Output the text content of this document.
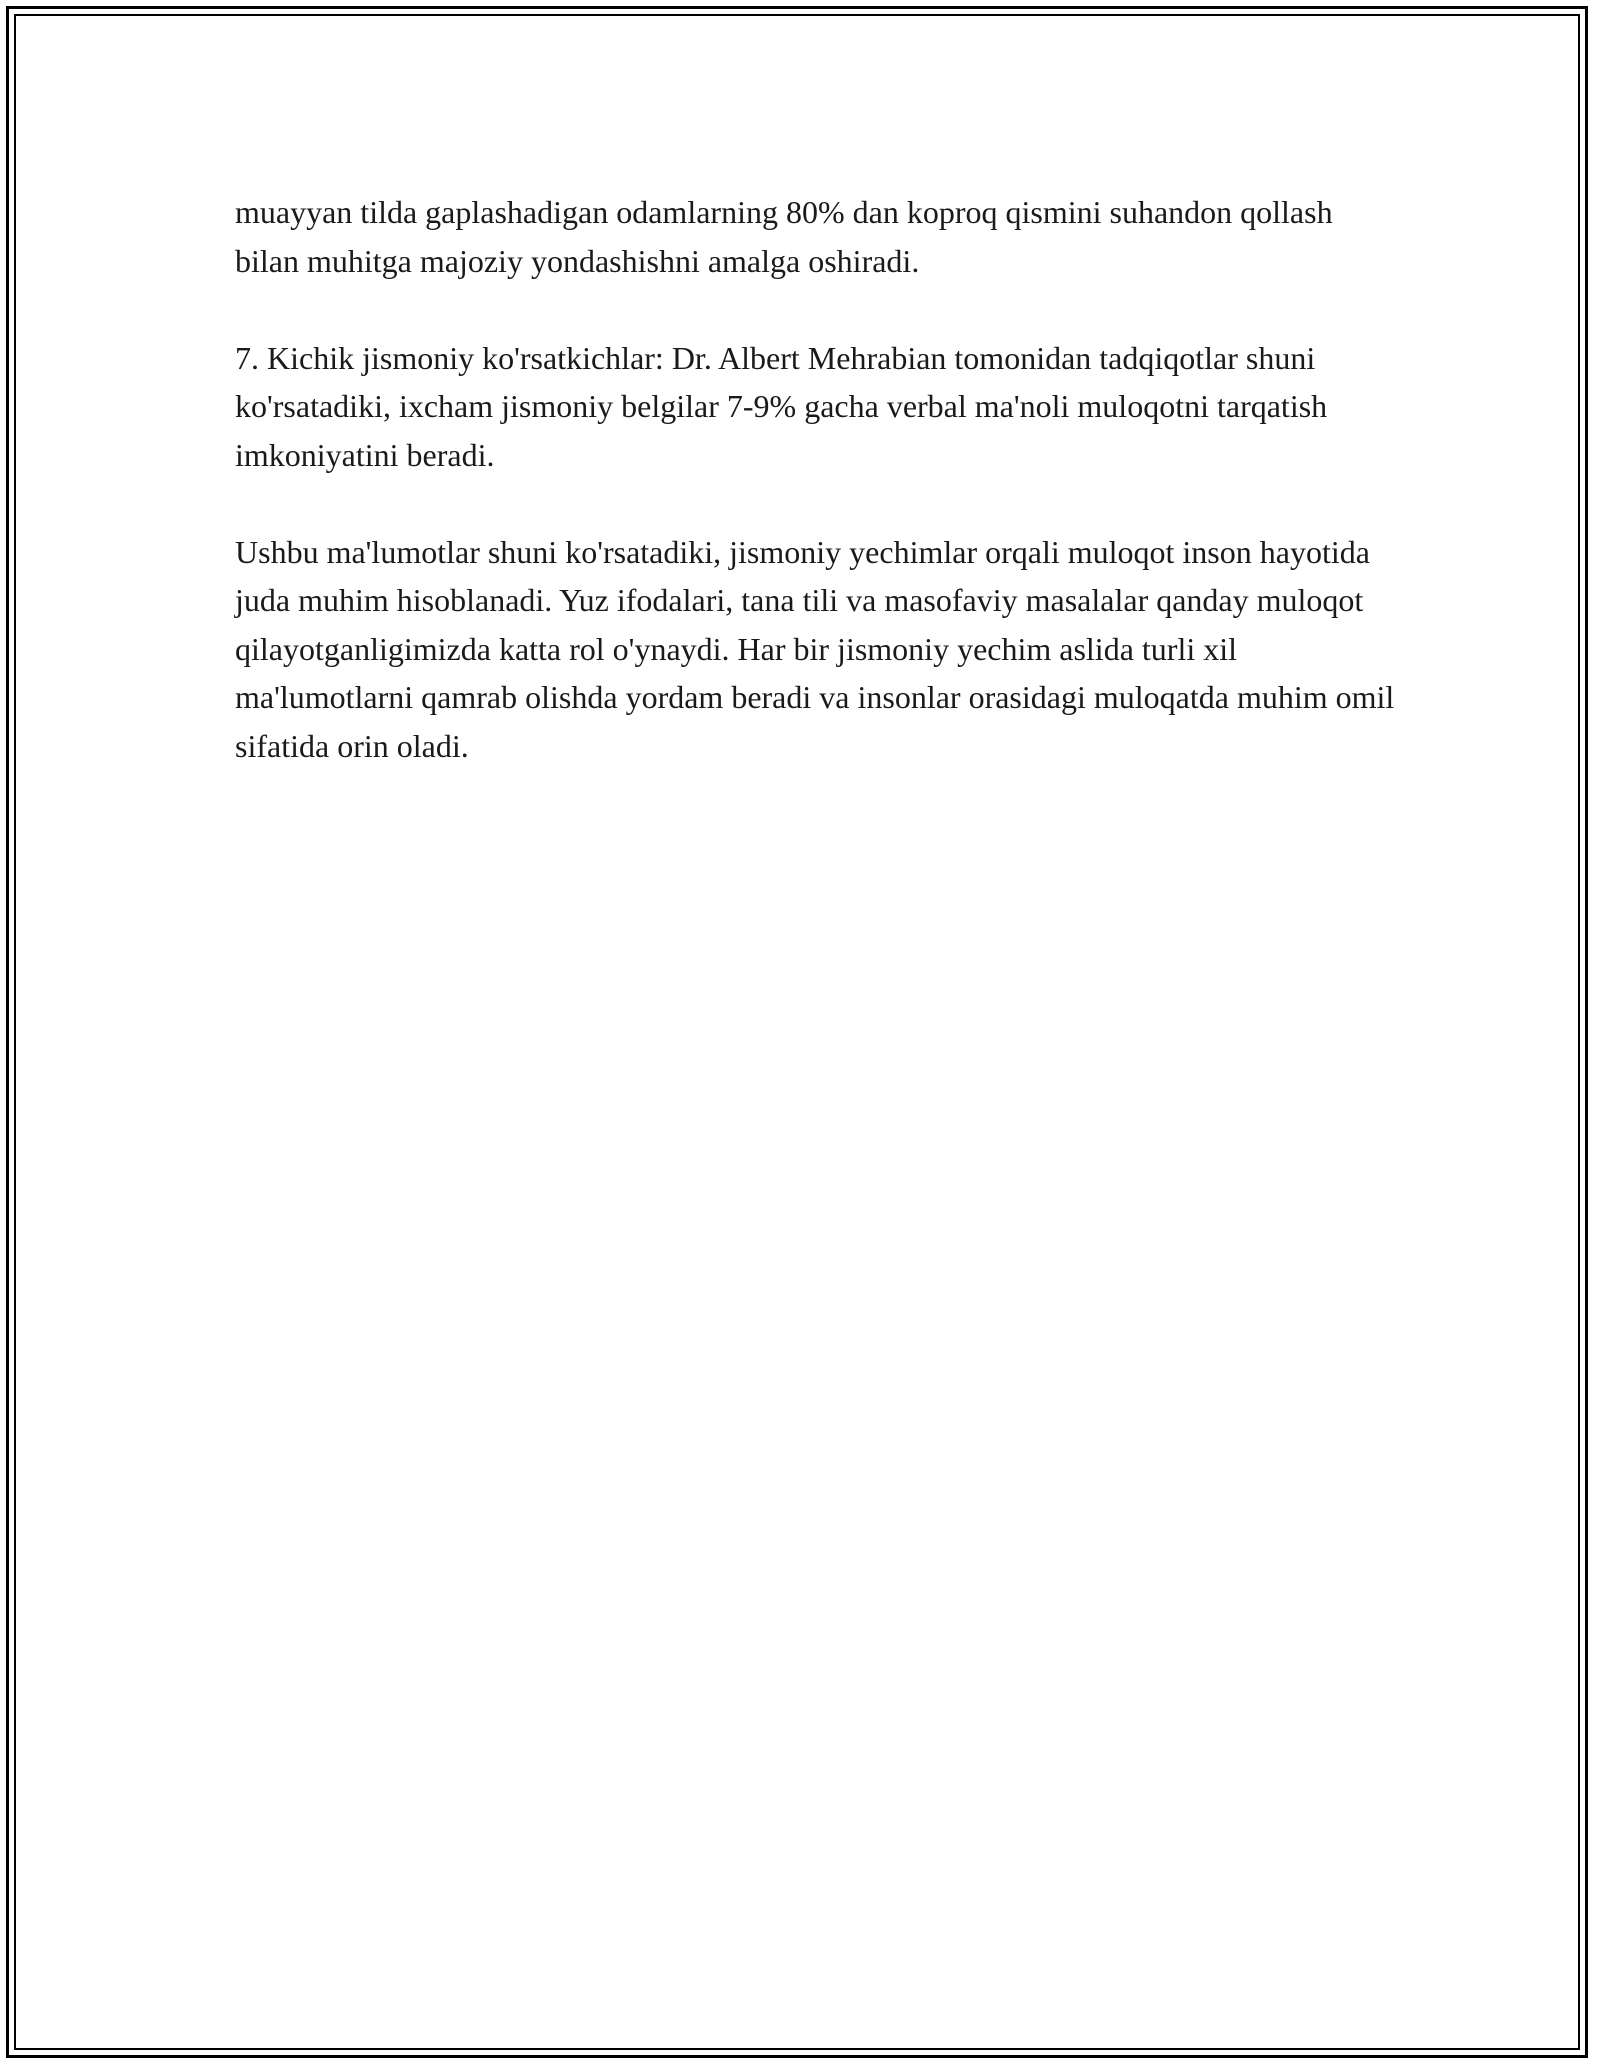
muayyan tilda gaplashadigan odamlarning 80% dan koproq qismini suhandon qollash bilan muhitga majoziy yondashishni amalga oshiradi.

7. Kichik jismoniy ko'rsatkichlar: Dr. Albert Mehrabian tomonidan tadqiqotlar shuni ko'rsatadiki, ixcham jismoniy belgilar 7-9% gacha verbal ma'noli muloqotni tarqatish imkoniyatini beradi.

Ushbu ma'lumotlar shuni ko'rsatadiki, jismoniy yechimlar orqali muloqot inson hayotida juda muhim hisoblanadi. Yuz ifodalari, tana tili va masofaviy masalalar qanday muloqot qilayotganligimizda katta rol o'ynaydi. Har bir jismoniy yechim aslida turli xil ma'lumotlarni qamrab olishda yordam beradi va insonlar orasidagi muloqatda muhim omil sifatida orin oladi.
